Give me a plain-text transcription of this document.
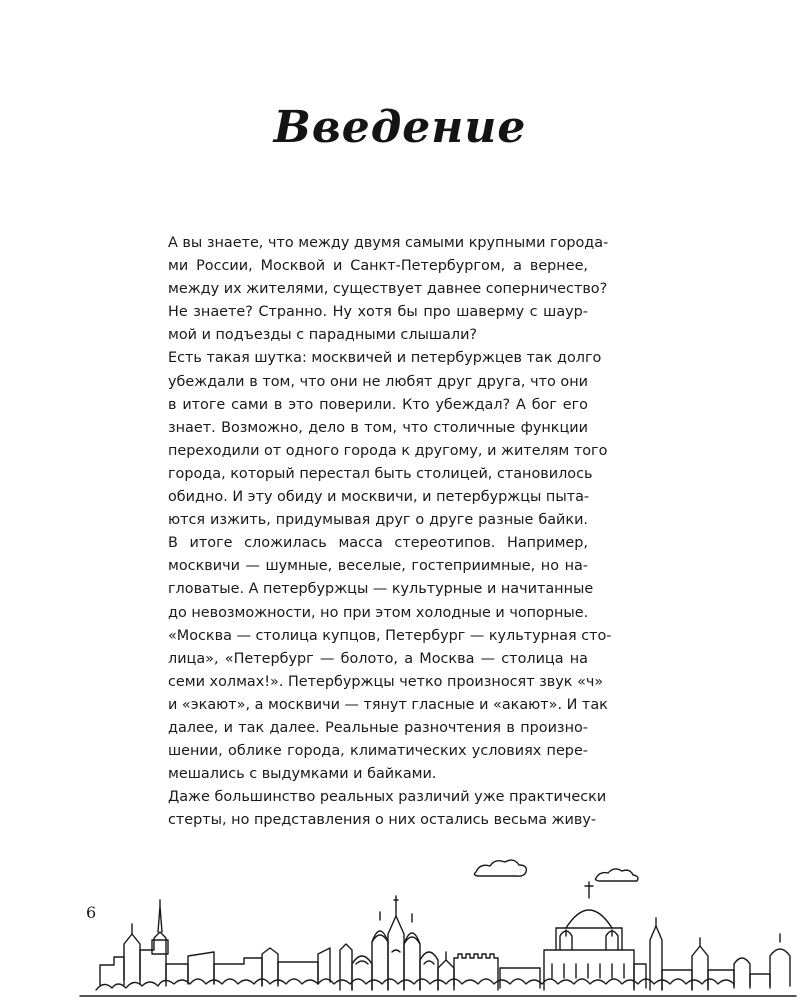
Введение
А вы знаете, что между двумя самыми крупными города-
ми России, Москвой и Санкт-Петербургом, а вернее,
между их жителями, существует давнее соперничество?
Не знаете? Странно. Ну хотя бы про шаверму с шаур-
мой и подъезды с парадными слышали?
Есть такая шутка: москвичей и петербуржцев так долго
убеждали в том, что они не любят друг друга, что они
в итоге сами в это поверили. Кто убеждал? А бог его
знает. Возможно, дело в том, что столичные функции
переходили от одного города к другому, и жителям того
города, который перестал быть столицей, становилось
обидно. И эту обиду и москвичи, и петербуржцы пыта-
ются изжить, придумывая друг о друге разные байки.
В итоге сложилась масса стереотипов. Например,
москвичи — шумные, веселые, гостеприимные, но на-
гловатые. А петербуржцы — культурные и начитанные
до невозможности, но при этом холодные и чопорные.
«Москва — столица купцов, Петербург — культурная сто-
лица», «Петербург — болото, а Москва — столица на
семи холмах!». Петербуржцы четко произносят звук «ч»
и «экают», а москвичи — тянут гласные и «акают». И так
далее, и так далее. Реальные разночтения в произно-
шении, облике города, климатических условиях пере-
мешались с выдумками и байками.
Даже большинство реальных различий уже практически
стерты, но представления о них остались весьма живу-
6
